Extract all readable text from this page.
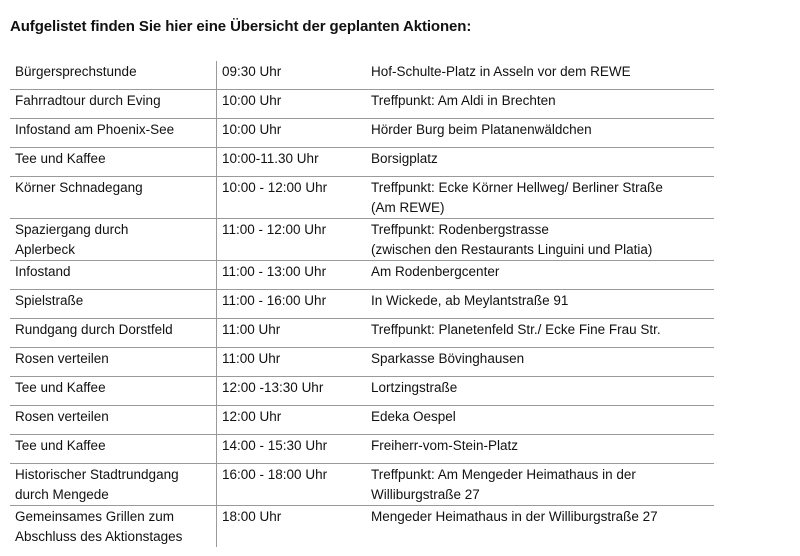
Aufgelistet finden Sie hier eine Übersicht der geplanten Aktionen:
Bürgersprechstunde	09:30 Uhr	Hof-Schulte-Platz in Asseln vor dem REWE

Fahrradtour durch Eving	10:00 Uhr	Treffpunkt: Am Aldi in Brechten

Infostand am Phoenix-See	10:00 Uhr	Hörder Burg beim Platanenwäldchen

Tee und Kaffee	10:00-11.30 Uhr	Borsigplatz

Körner Schnadegang	10:00 - 12:00 Uhr	Treffpunkt: Ecke Körner Hellweg/ Berliner Straße
(Am REWE)

Spaziergang durch
Aplerbeck	11:00 - 12:00 Uhr	Treffpunkt: Rodenbergstrasse
(zwischen den Restaurants Linguini und Platia)

Infostand	11:00 - 13:00 Uhr	Am Rodenbergcenter

Spielstraße	11:00 - 16:00 Uhr	In Wickede, ab Meylantstraße 91

Rundgang durch Dorstfeld	11:00 Uhr	Treffpunkt: Planetenfeld Str./ Ecke Fine Frau Str.

Rosen verteilen	11:00 Uhr	Sparkasse Bövinghausen

Tee und Kaffee	12:00 -13:30 Uhr	Lortzingstraße

Rosen verteilen	12:00 Uhr	Edeka Oespel

Tee und Kaffee	14:00 - 15:30 Uhr	Freiherr-vom-Stein-Platz

Historischer Stadtrundgang
durch Mengede	16:00 - 18:00 Uhr	Treffpunkt: Am Mengeder Heimathaus in der
Williburgstraße 27

Gemeinsames Grillen zum
Abschluss des Aktionstages	18:00 Uhr	Mengeder Heimathaus in der Williburgstraße 27
